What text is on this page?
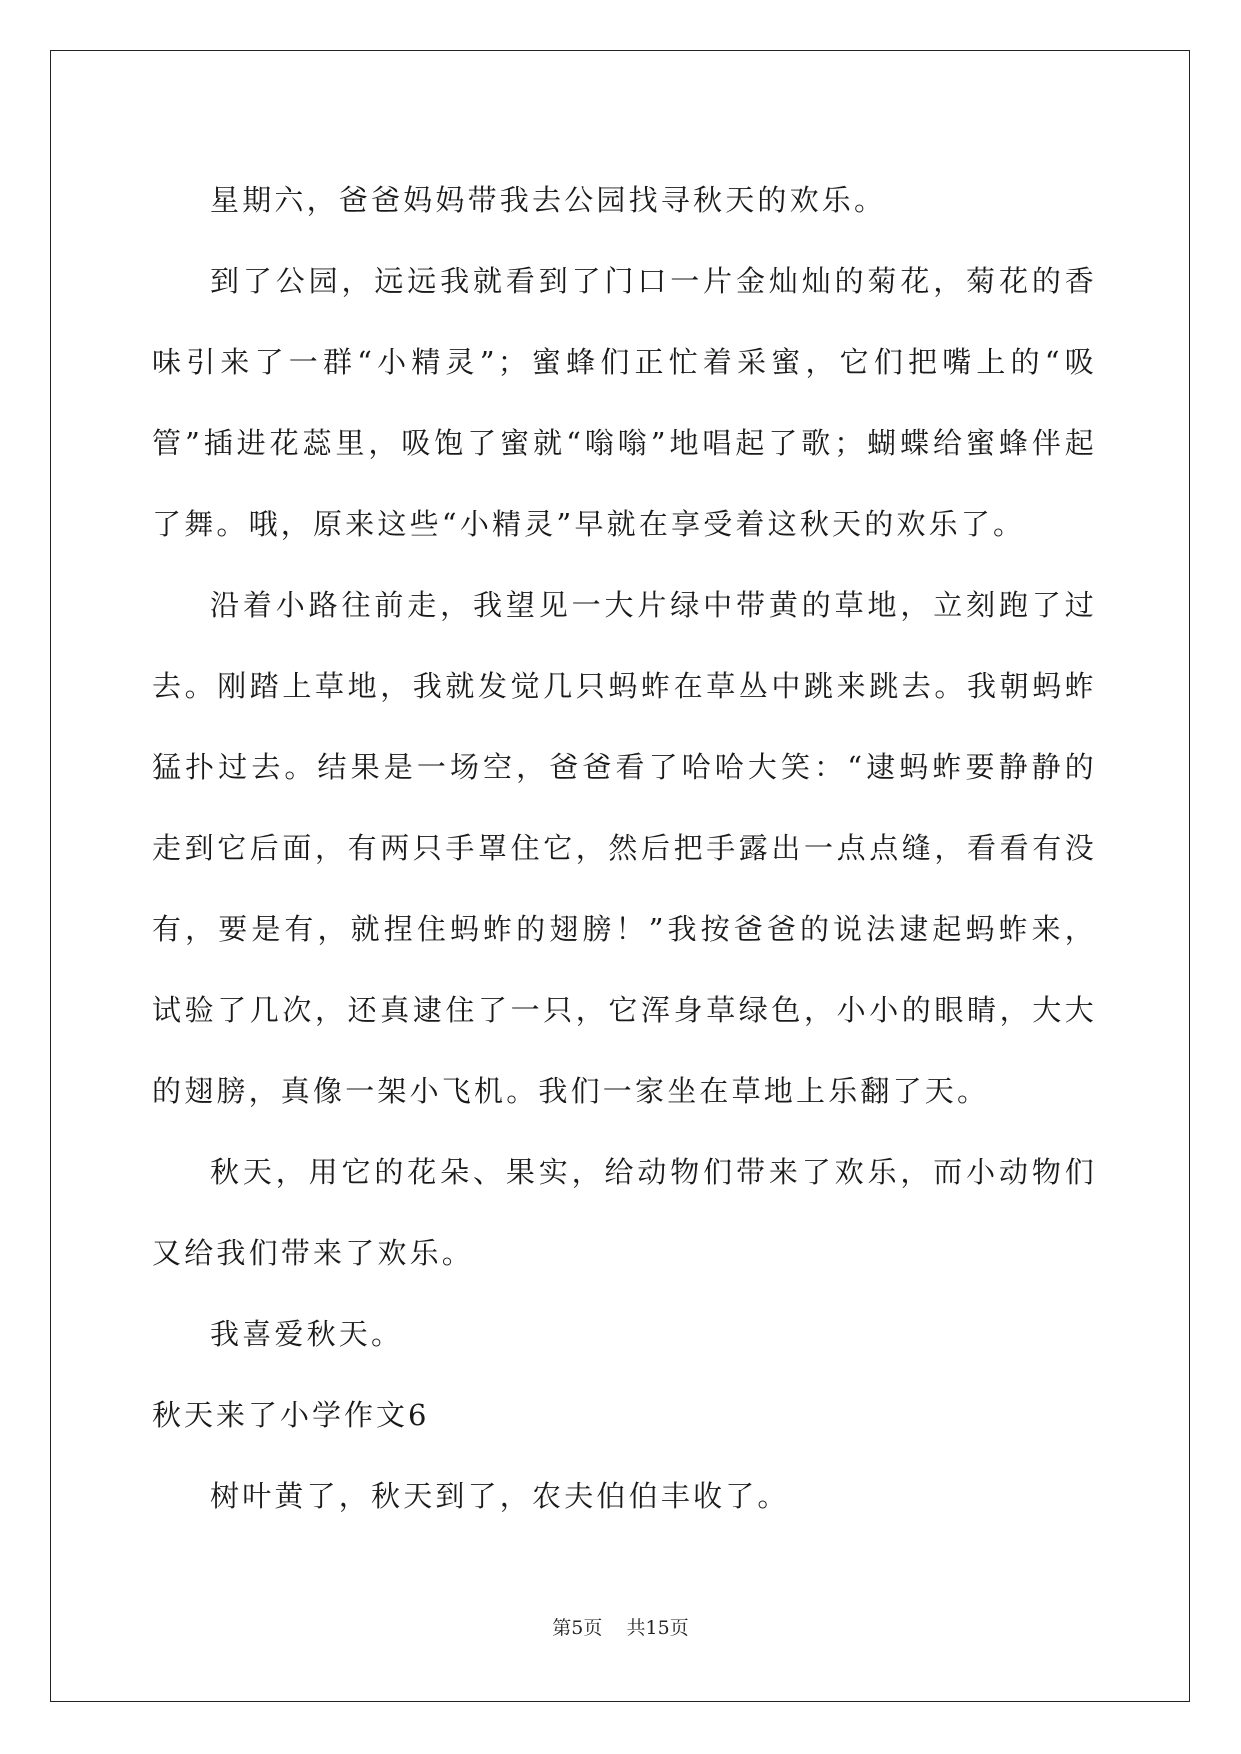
星期六，爸爸妈妈带我去公园找寻秋天的欢乐。

到了公园，远远我就看到了门口一片金灿灿的菊花，菊花的香味引来了一群“小精灵”；蜜蜂们正忙着采蜜，它们把嘴上的“吸管”插进花蕊里，吸饱了蜜就“嗡嗡”地唱起了歌；蝴蝶给蜜蜂伴起了舞。哦，原来这些“小精灵”早就在享受着这秋天的欢乐了。

沿着小路往前走，我望见一大片绿中带黄的草地，立刻跑了过去。刚踏上草地，我就发觉几只蚂蚱在草丛中跳来跳去。我朝蚂蚱猛扑过去。结果是一场空，爸爸看了哈哈大笑：“逮蚂蚱要静静的走到它后面，有两只手罩住它，然后把手露出一点点缝，看看有没有，要是有，就捏住蚂蚱的翅膀！”我按爸爸的说法逮起蚂蚱来，试验了几次，还真逮住了一只，它浑身草绿色，小小的眼睛，大大的翅膀，真像一架小飞机。我们一家坐在草地上乐翻了天。

秋天，用它的花朵、果实，给动物们带来了欢乐，而小动物们又给我们带来了欢乐。

我喜爱秋天。

秋天来了小学作文6

树叶黄了，秋天到了，农夫伯伯丰收了。

第5页 共15页
